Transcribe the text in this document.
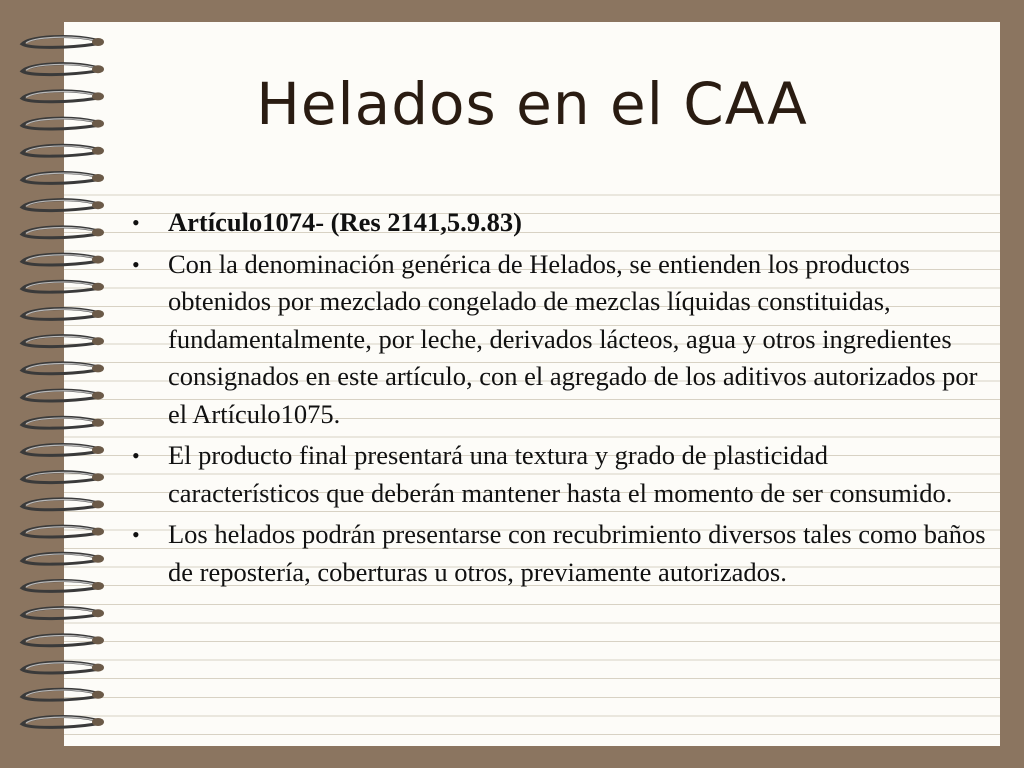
Helados en el CAA
• Artículo1074- (Res 2141,5.9.83)
• Con la denominación genérica de Helados, se entienden los productos obtenidos por mezclado congelado de mezclas líquidas constituidas, fundamentalmente, por leche, derivados lácteos, agua y otros ingredientes consignados en este artículo, con el agregado de los aditivos autorizados por el Artículo1075.
• El producto final presentará una textura y grado de plasticidad característicos que deberán mantener hasta el momento de ser consumido.
• Los helados podrán presentarse con recubrimiento diversos tales como baños de repostería, coberturas u otros, previamente autorizados.
